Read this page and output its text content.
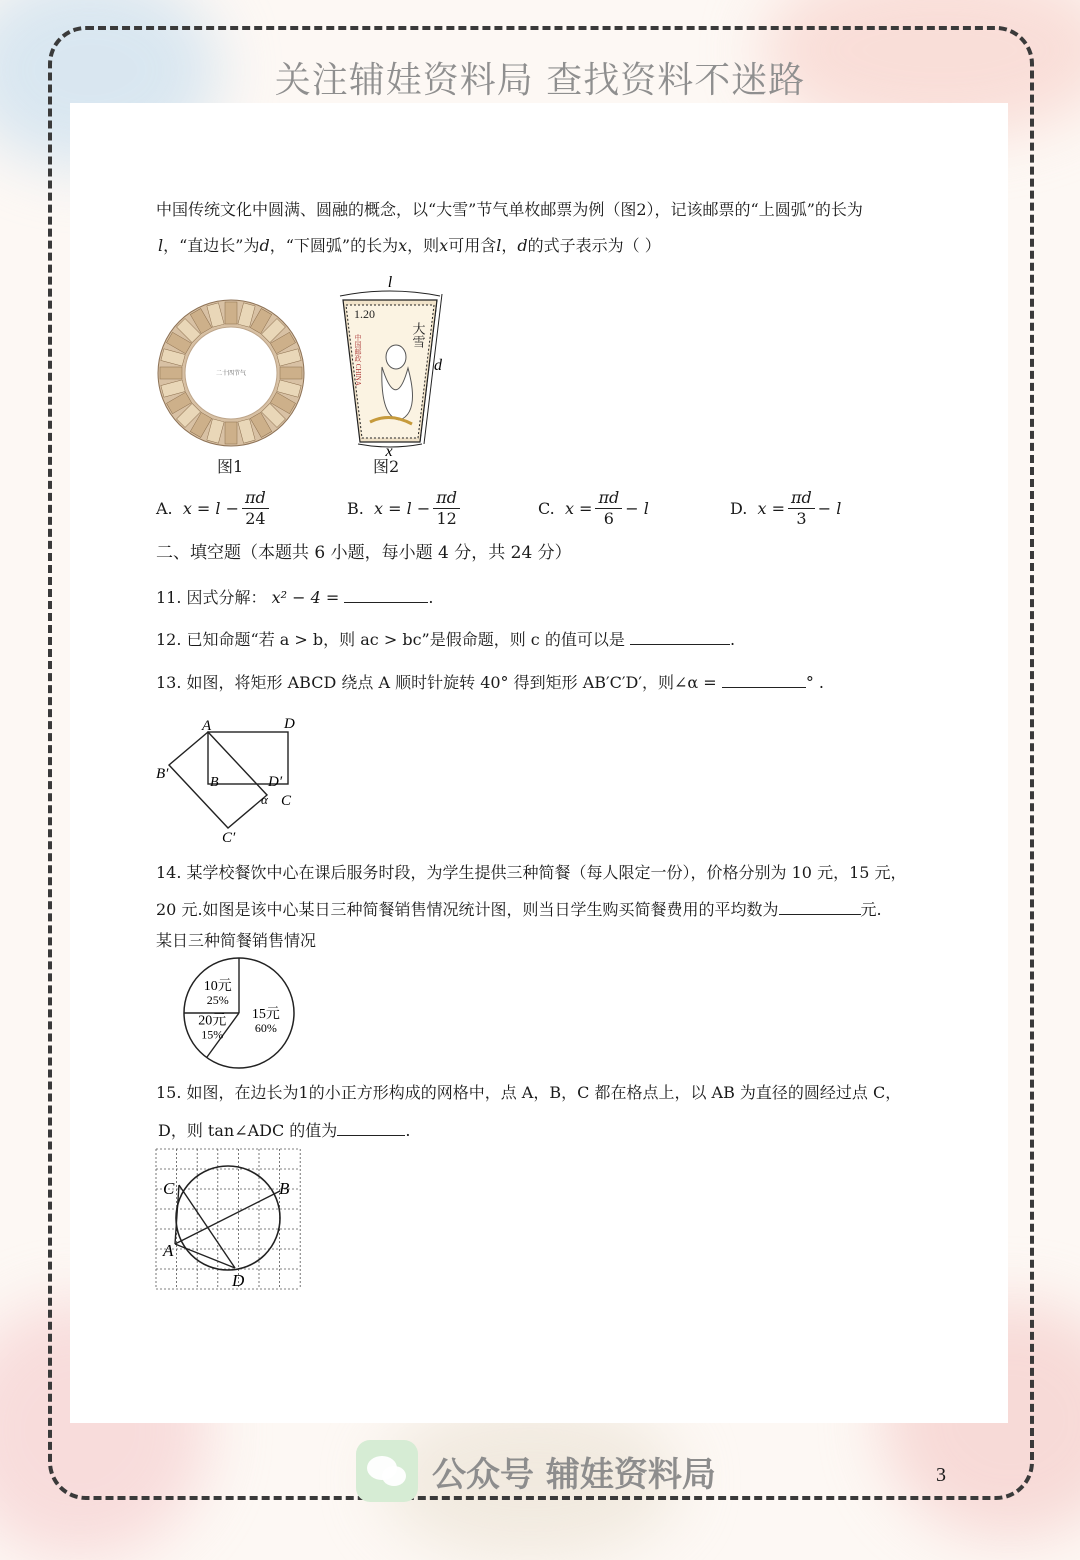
关注辅娃资料局 查找资料不迷路
中国传统文化中圆满、圆融的概念，以“大雪”节气单枚邮票为例（图2），记该邮票的“上圆弧”的长为
l，“直边长”为d，“下圆弧”的长为x，则x可用含l，d的式子表示为（ ）
二十四节气
图1
l
1.20
大雪
中国邮政 CHINA	d
x
图2
A.
$x = l - \frac{\pi d}{24}$	B.
$x = l - \frac{\pi d}{12}$	C.
$x = \frac{\pi d}{6} - l$	D.
$x = \frac{\pi d}{3} - l$
二、填空题（本题共 6 小题，每小题 4 分，共 24 分）
11. 因式分解： x² − 4 =	.
12. 已知命题“若 a > b，则 ac > bc”是假命题，则 c 的值可以是	.
13. 如图，将矩形 ABCD 绕点 A 顺时针旋转 40° 得到矩形 AB′C′D′，则∠α =	° .
A	D
B′
B	D′
α C
C′
14. 某学校餐饮中心在课后服务时段，为学生提供三种简餐（每人限定一份），价格分别为 10 元，15 元，
20 元.如图是该中心某日三种简餐销售情况统计图，则当日学生购买简餐费用的平均数为	元.
某日三种简餐销售情况
10元
25%
20元
15%
15元
60%
15. 如图，在边长为1的小正方形构成的网格中，点 A，B，C 都在格点上，以 AB 为直径的圆经过点 C，
D，则 tan∠ADC 的值为	.
C	B
A
D
公众号 辅娃资料局	3
